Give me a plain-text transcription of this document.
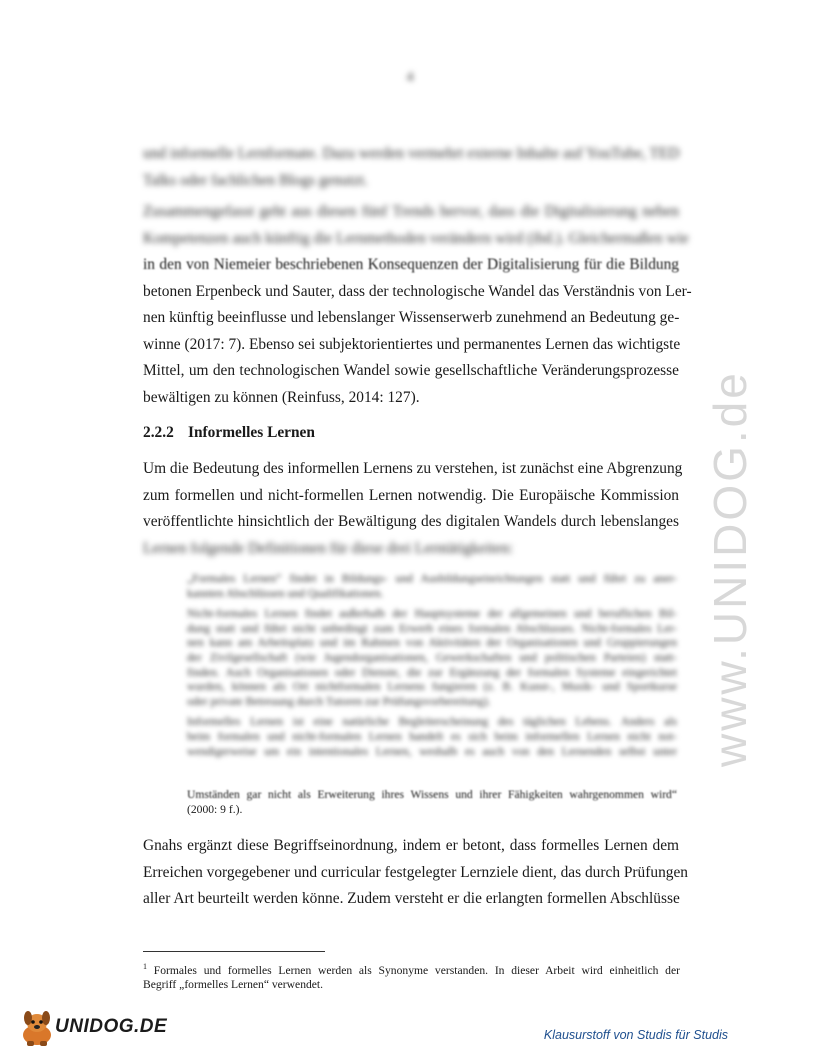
4
und informelle Lernformate. Dazu werden vermehrt externe Inhalte auf YouTube, TED
Talks oder fachlichen Blogs genutzt.
Zusammengefasst geht aus diesen fünf Trends hervor, dass die Digitalisierung neben
Kompetenzen auch künftig die Lernmethoden verändern wird (ibd.). Gleichermaßen wie
in den von Niemeier beschriebenen Konsequenzen der Digitalisierung für die Bildung
betonen Erpenbeck und Sauter, dass der technologische Wandel das Verständnis von Ler-
nen künftig beeinflusse und lebenslanger Wissenserwerb zunehmend an Bedeutung ge-
winne (2017: 7). Ebenso sei subjektorientiertes und permanentes Lernen das wichtigste
Mittel, um den technologischen Wandel sowie gesellschaftliche Veränderungsprozesse
bewältigen zu können (Reinfuss, 2014: 127).
2.2.2 Informelles Lernen
Um die Bedeutung des informellen Lernens zu verstehen, ist zunächst eine Abgrenzung
zum formellen und nicht-formellen Lernen notwendig. Die Europäische Kommission
veröffentlichte hinsichtlich der Bewältigung des digitalen Wandels durch lebenslanges
Lernen folgende Definitionen für diese drei Lerntätigkeiten:
„Formales Lernen“ findet in Bildungs- und Ausbildungseinrichtungen statt und führt zu aner-
kannten Abschlüssen und Qualifikationen.
Nicht-formales Lernen findet außerhalb der Hauptsysteme der allgemeinen und beruflichen Bil-
dung statt und führt nicht unbedingt zum Erwerb eines formalen Abschlusses. Nicht-formales Ler-
nen kann am Arbeitsplatz und im Rahmen von Aktivitäten der Organisationen und Gruppierungen
der Zivilgesellschaft (wie Jugendorganisationen, Gewerkschaften und politischen Parteien) statt-
finden. Auch Organisationen oder Dienste, die zur Ergänzung der formalen Systeme eingerichtet
wurden, können als Ort nichtformalen Lernens fungieren (z. B. Kunst-, Musik- und Sportkurse
oder private Betreuung durch Tutoren zur Prüfungsvorbereitung).
Informelles Lernen ist eine natürliche Begleiterscheinung des täglichen Lebens. Anders als
beim formalen und nicht-formalen Lernen handelt es sich beim informellen Lernen nicht not-
wendigerweise um ein intentionales Lernen, weshalb es auch von den Lernenden selbst unter
Umständen gar nicht als Erweiterung ihres Wissens und ihrer Fähigkeiten wahrgenommen wird“
(2000: 9 f.).
Gnahs ergänzt diese Begriffseinordnung, indem er betont, dass formelles Lernen dem
Erreichen vorgegebener und curricular festgelegter Lernziele dient, das durch Prüfungen
aller Art beurteilt werden könne. Zudem versteht er die erlangten formellen Abschlüsse
$^1$ Formales und formelles Lernen werden als Synonyme verstanden. In dieser Arbeit wird einheitlich der
Begriff „formelles Lernen“ verwendet.
www.UNIDOG.de
UNIDOG.DE	Klausurstoff von Studis für Studis
